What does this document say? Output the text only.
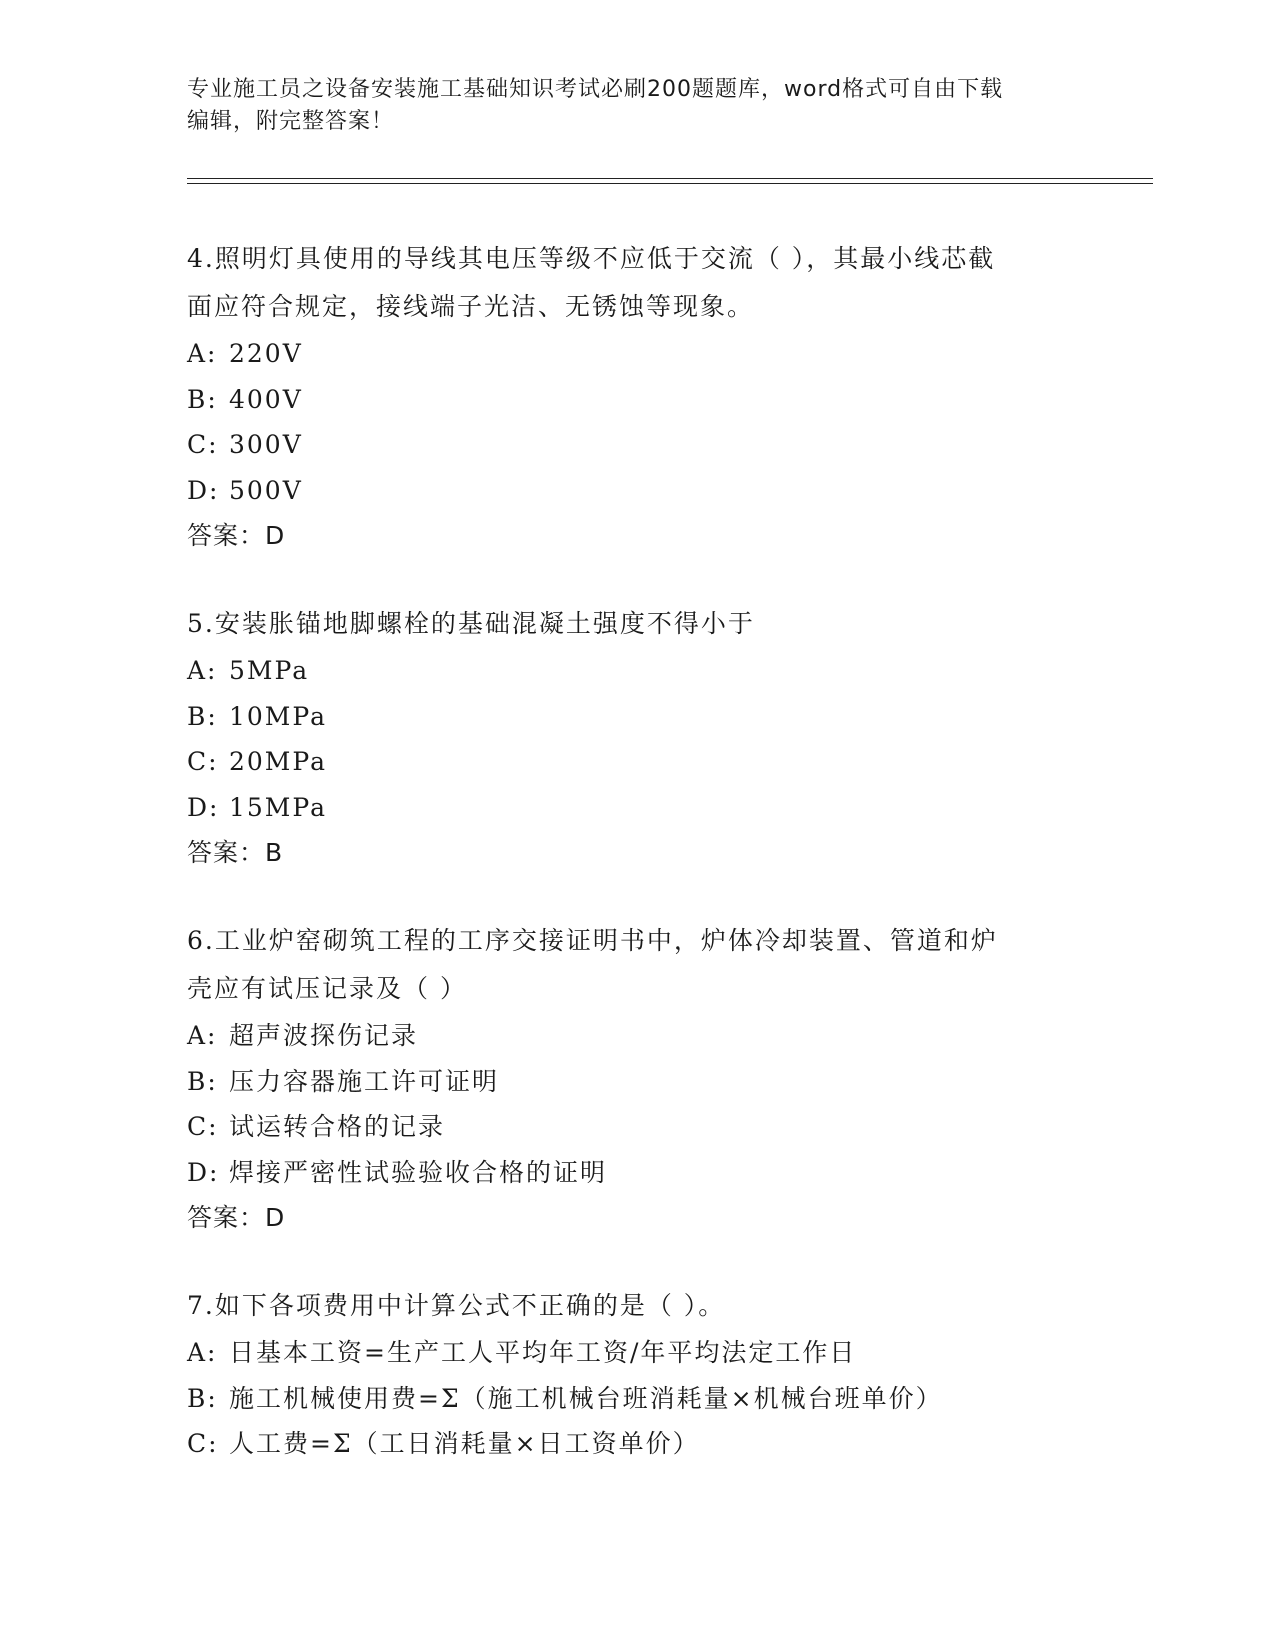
专业施工员之设备安装施工基础知识考试必刷200题题库，word格式可自由下载
编辑，附完整答案！

4.照明灯具使用的导线其电压等级不应低于交流（ ），其最小线芯截

面应符合规定，接线端子光洁、无锈蚀等现象。

A: 220V

B: 400V

C: 300V

D: 500V

答案：D

5.安装胀锚地脚螺栓的基础混凝土强度不得小于

A: 5MPa

B: 10MPa

C: 20MPa

D: 15MPa

答案：B

6.工业炉窑砌筑工程的工序交接证明书中，炉体冷却装置、管道和炉

壳应有试压记录及（ ）

A: 超声波探伤记录

B: 压力容器施工许可证明

C: 试运转合格的记录

D: 焊接严密性试验验收合格的证明

答案：D

7.如下各项费用中计算公式不正确的是（ ）。

A: 日基本工资=生产工人平均年工资/年平均法定工作日

B: 施工机械使用费=Σ（施工机械台班消耗量×机械台班单价）

C: 人工费=Σ（工日消耗量×日工资单价）
